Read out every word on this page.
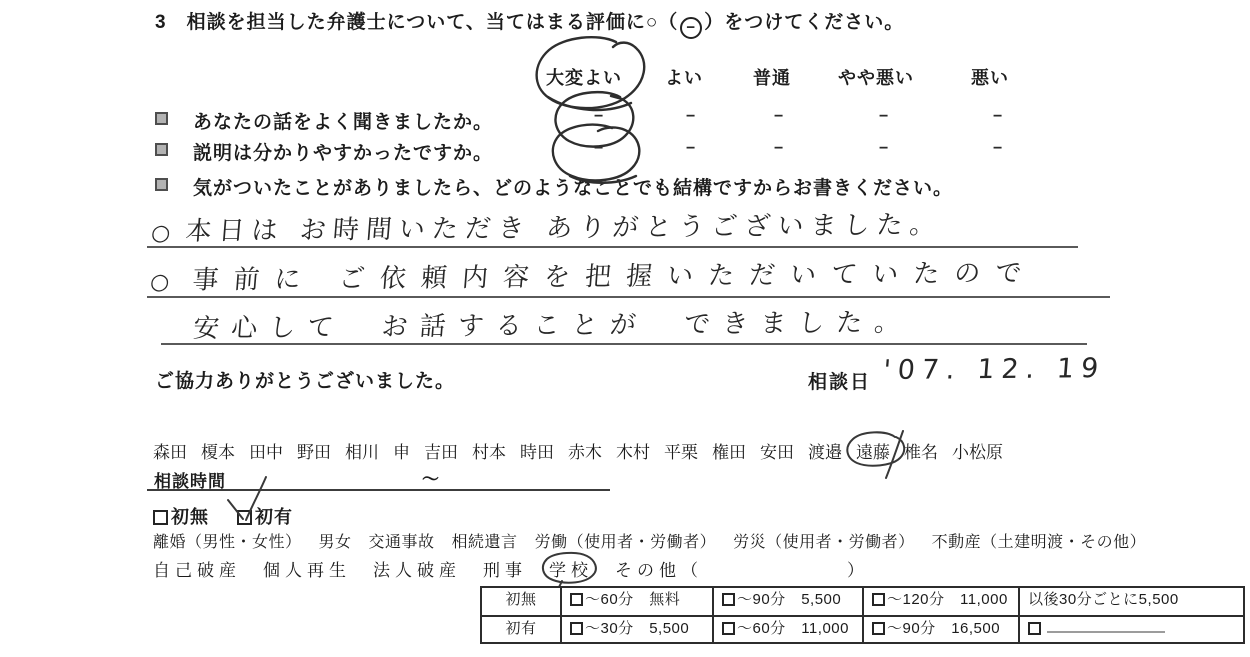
3 相談を担当した弁護士について、当てはまる評価に○（ − ）をつけてください。
大変よい よい	普通	やや悪い	悪い
あなたの話をよく聞きましたか。	−	−	−	−	−
説明は分かりやすかったですか。	−	−	−	−	−
気がついたことがありましたら、どのようなことでも結構ですからお書きください。
○ 本日は お時間いただき ありがとうございました。
○ 事前に ご依頼内容を把握いただいていたので
安心して お話することが できました。
ご協力ありがとうございました。	相談日 '07. 12. 19
森田 榎本 田中 野田 相川 申 吉田 村本 時田 赤木 木村 平栗 権田 安田 渡邉 遠藤 椎名 小松原
相談時間	～
初無	初有
離婚（男性・女性） 男女 交通事故 相続遺言 労働（使用者・労働者） 労災（使用者・労働者） 不動産（土建明渡・その他）
自己破産 個人再生 法人破産 刑事 学校 その他（	）
初無	～60分　 無料	～90分　 5,500	～120分　 11,000	以後30分ごとに5,500
初有	～30分　 5,500	～60分　 11,000	～90分　 16,500
